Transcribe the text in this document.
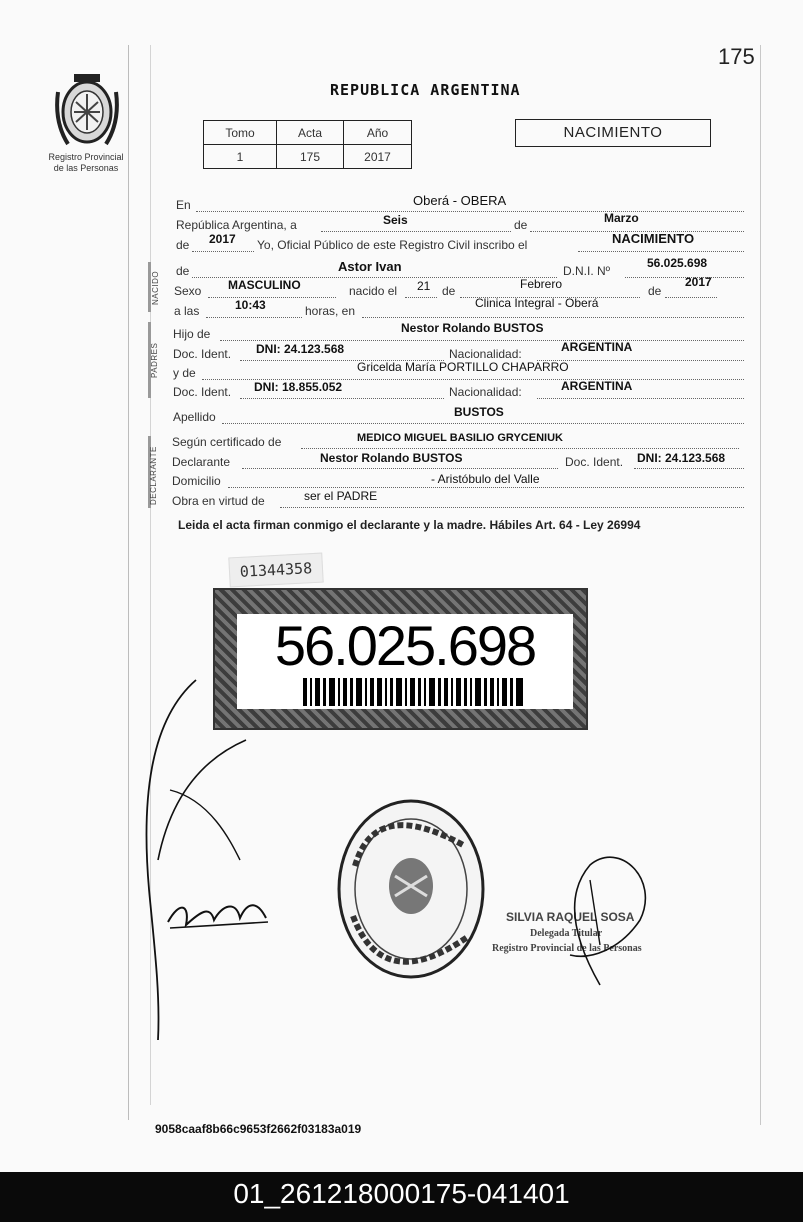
175
Registro Provincial
de las Personas
REPUBLICA ARGENTINA
Tomo	Acta	Año
1	175	2017
NACIMIENTO
En	Oberá - OBERA
República Argentina, a	Seis	de	Marzo
de 2017 Yo, Oficial Público de este Registro Civil inscribo el	NACIMIENTO
NACIDO de	Astor Ivan	D.N.I. Nº
56.025.698
Sexo MASCULINO	nacido el 21 de	Febrero	de
2017
a las	10:43	horas, en
Clinica Integral - Oberá
PADRES
Hijo de	Nestor Rolando BUSTOS
Doc. Ident. DNI: 24.123.568	Nacionalidad:	ARGENTINA
y de	Gricelda María PORTILLO CHAPARRO
Doc. Ident. DNI: 18.855.052	Nacionalidad:	ARGENTINA
Apellido	BUSTOS
DECLARANTE
Según certificado de	MEDICO MIGUEL BASILIO GRYCENIUK
Declarante	Nestor Rolando BUSTOS	Doc. Ident. DNI: 24.123.568
Domicilio	- Aristóbulo del Valle
Obra en virtud de	ser el PADRE
Leida el acta firman conmigo el declarante y la madre. Hábiles Art. 64 - Ley 26994
01344358
56.025.698
SILVIA RAQUEL SOSA
Delegada Titular
Registro Provincial de las Personas
9058caaf8b66c9653f2662f03183a019
01_261218000175-041401
